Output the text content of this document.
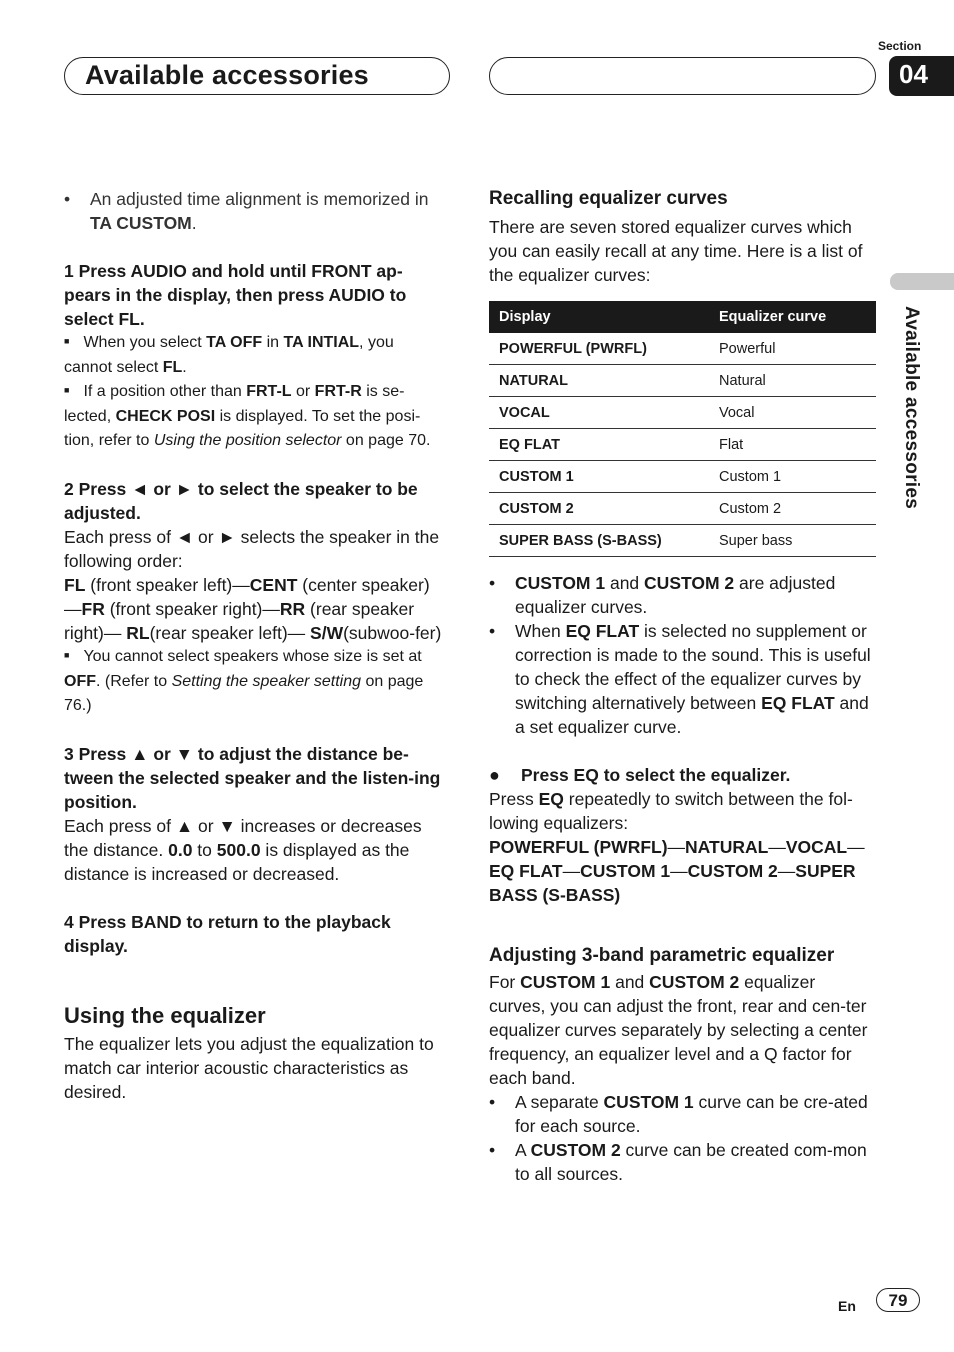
Available accessories
Section
04
Available accessories

• An adjusted time alignment is memorized in TA CUSTOM.

1 Press AUDIO and hold until FRONT ap-pears in the display, then press AUDIO to select FL.

■ When you select TA OFF in TA INTIAL, you cannot select FL.

■ If a position other than FRT-L or FRT-R is se-lected, CHECK POSI is displayed. To set the posi-tion, refer to Using the position selector on page 70.

2 Press ◄ or ► to select the speaker to be adjusted.

Each press of ◄ or ► selects the speaker in the following order:

FL (front speaker left)—CENT (center speaker)—FR (front speaker right)—RR (rear speaker right)— RL(rear speaker left)— S/W(subwoo-fer)

■ You cannot select speakers whose size is set at OFF. (Refer to Setting the speaker setting on page 76.)

3 Press ▲ or ▼ to adjust the distance be-tween the selected speaker and the listen-ing position.

Each press of ▲ or ▼ increases or decreases the distance. 0.0 to 500.0 is displayed as the distance is increased or decreased.

4 Press BAND to return to the playback display.

Using the equalizer

The equalizer lets you adjust the equalization to match car interior acoustic characteristics as desired.

Recalling equalizer curves

There are seven stored equalizer curves which you can easily recall at any time. Here is a list of the equalizer curves:

Display	Equalizer curve
POWERFUL (PWRFL)	Powerful
NATURAL	Natural
VOCAL	Vocal
EQ FLAT	Flat
CUSTOM 1	Custom 1
CUSTOM 2	Custom 2
SUPER BASS (S-BASS)	Super bass

• CUSTOM 1 and CUSTOM 2 are adjusted equalizer curves.

• When EQ FLAT is selected no supplement or correction is made to the sound. This is useful to check the effect of the equalizer curves by switching alternatively between EQ FLAT and a set equalizer curve.

● Press EQ to select the equalizer.

Press EQ repeatedly to switch between the fol-lowing equalizers:

POWERFUL (PWRFL)—NATURAL—VOCAL—EQ FLAT—CUSTOM 1—CUSTOM 2—SUPER BASS (S-BASS)

Adjusting 3-band parametric equalizer

For CUSTOM 1 and CUSTOM 2 equalizer curves, you can adjust the front, rear and cen-ter equalizer curves separately by selecting a center frequency, an equalizer level and a Q factor for each band.

• A separate CUSTOM 1 curve can be cre-ated for each source.

• A CUSTOM 2 curve can be created com-mon to all sources.

En	79
